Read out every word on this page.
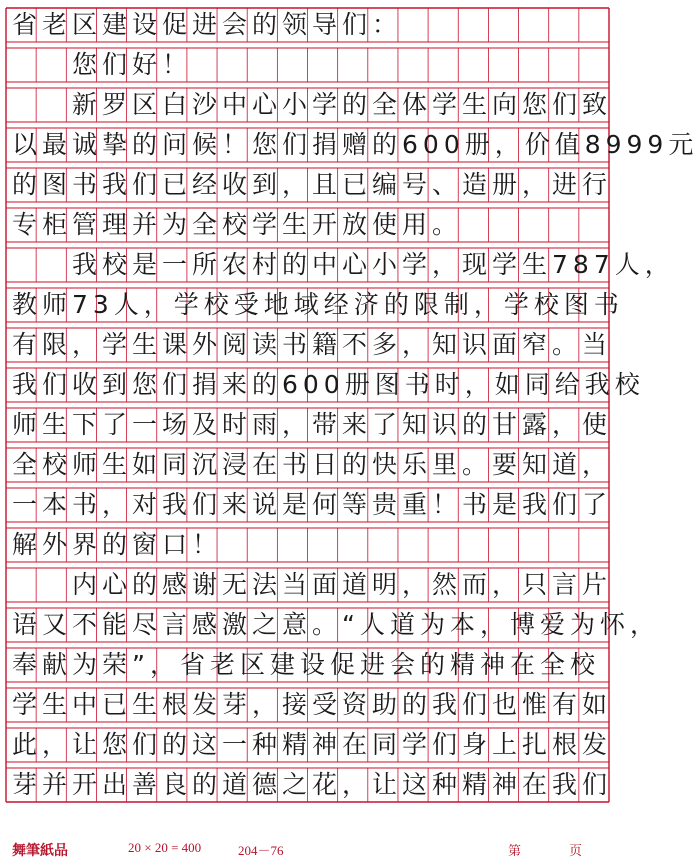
省老区建设促进会的领导们：
　　您们好！
　　新罗区白沙中心小学的全体学生向您们致
以最诚挚的问候！您们捐赠的600册，价值8999元
的图书我们已经收到，且已编号、造册，进行
专柜管理并为全校学生开放使用。
　　我校是一所农村的中心小学，现学生787人，
教师73人，学校受地域经济的限制，学校图书
有限，学生课外阅读书籍不多，知识面窄。当
我们收到您们捐来的600册图书时，如同给我校
师生下了一场及时雨，带来了知识的甘露，使
全校师生如同沉浸在书日的快乐里。要知道，
一本书，对我们来说是何等贵重！书是我们了
解外界的窗口！
　　内心的感谢无法当面道明，然而，只言片
语又不能尽言感激之意。“人道为本，博爱为怀，
奉献为荣”，省老区建设促进会的精神在全校
学生中已生根发芽，接受资助的我们也惟有如
此，让您们的这一种精神在同学们身上扎根发
芽并开出善良的道德之花，让这种精神在我们
舞筆紙品	20 × 20 = 400	204－76	第	页
